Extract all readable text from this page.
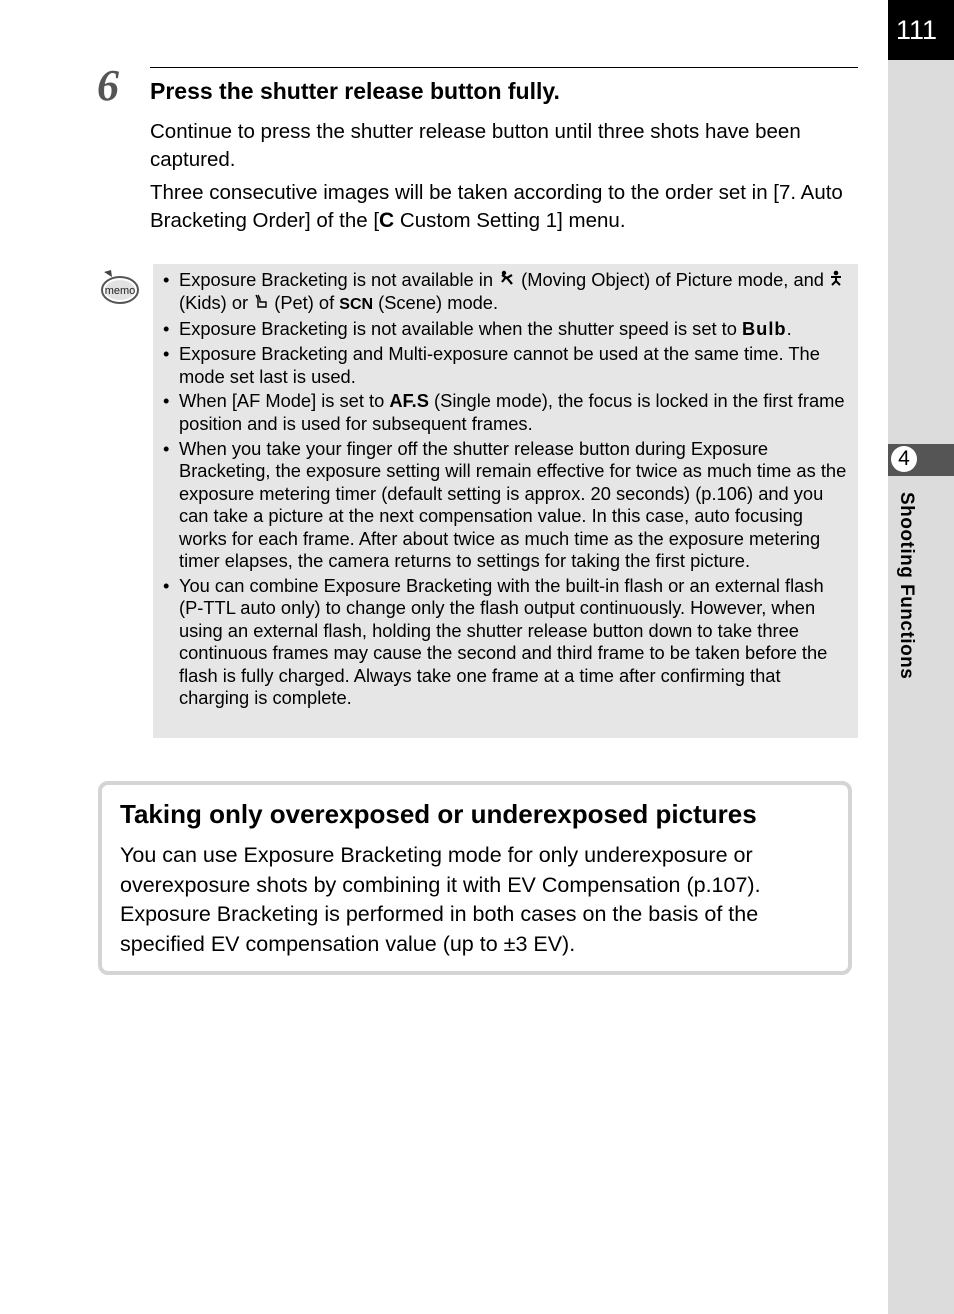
111
4
Shooting Functions
6 Press the shutter release button fully.

Continue to press the shutter release button until three shots have been captured.

Three consecutive images will be taken according to the order set in [7. Auto Bracketing Order] of the [C Custom Setting 1] menu.

memo
• Exposure Bracketing is not available in  (Moving Object) of Picture mode, and  (Kids) or  (Pet) of SCN (Scene) mode.
• Exposure Bracketing is not available when the shutter speed is set to Bulb.
• Exposure Bracketing and Multi-exposure cannot be used at the same time. The mode set last is used.
• When [AF Mode] is set to AF.S (Single mode), the focus is locked in the first frame position and is used for subsequent frames.
• When you take your finger off the shutter release button during Exposure Bracketing, the exposure setting will remain effective for twice as much time as the exposure metering timer (default setting is approx. 20 seconds) (p.106) and you can take a picture at the next compensation value. In this case, auto focusing works for each frame. After about twice as much time as the exposure metering timer elapses, the camera returns to settings for taking the first picture.
• You can combine Exposure Bracketing with the built-in flash or an external flash (P-TTL auto only) to change only the flash output continuously. However, when using an external flash, holding the shutter release button down to take three continuous frames may cause the second and third frame to be taken before the flash is fully charged. Always take one frame at a time after confirming that charging is complete.
Taking only overexposed or underexposed pictures

You can use Exposure Bracketing mode for only underexposure or overexposure shots by combining it with EV Compensation (p.107). Exposure Bracketing is performed in both cases on the basis of the specified EV compensation value (up to ±3 EV).
